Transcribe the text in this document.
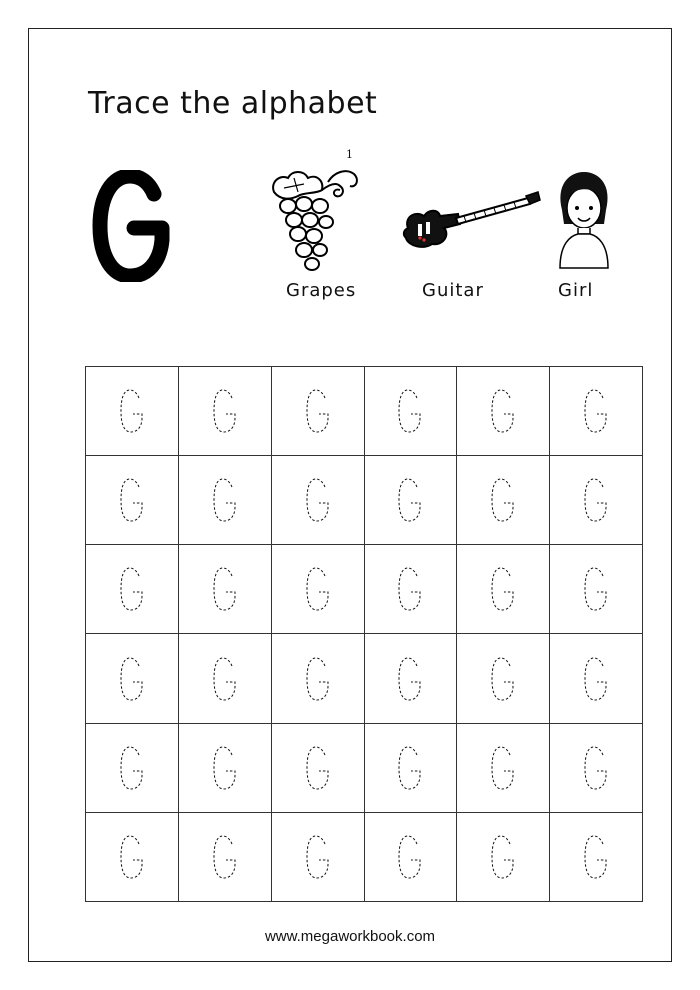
Trace the alphabet
1
Grapes	Guitar	Girl
www.megaworkbook.com
